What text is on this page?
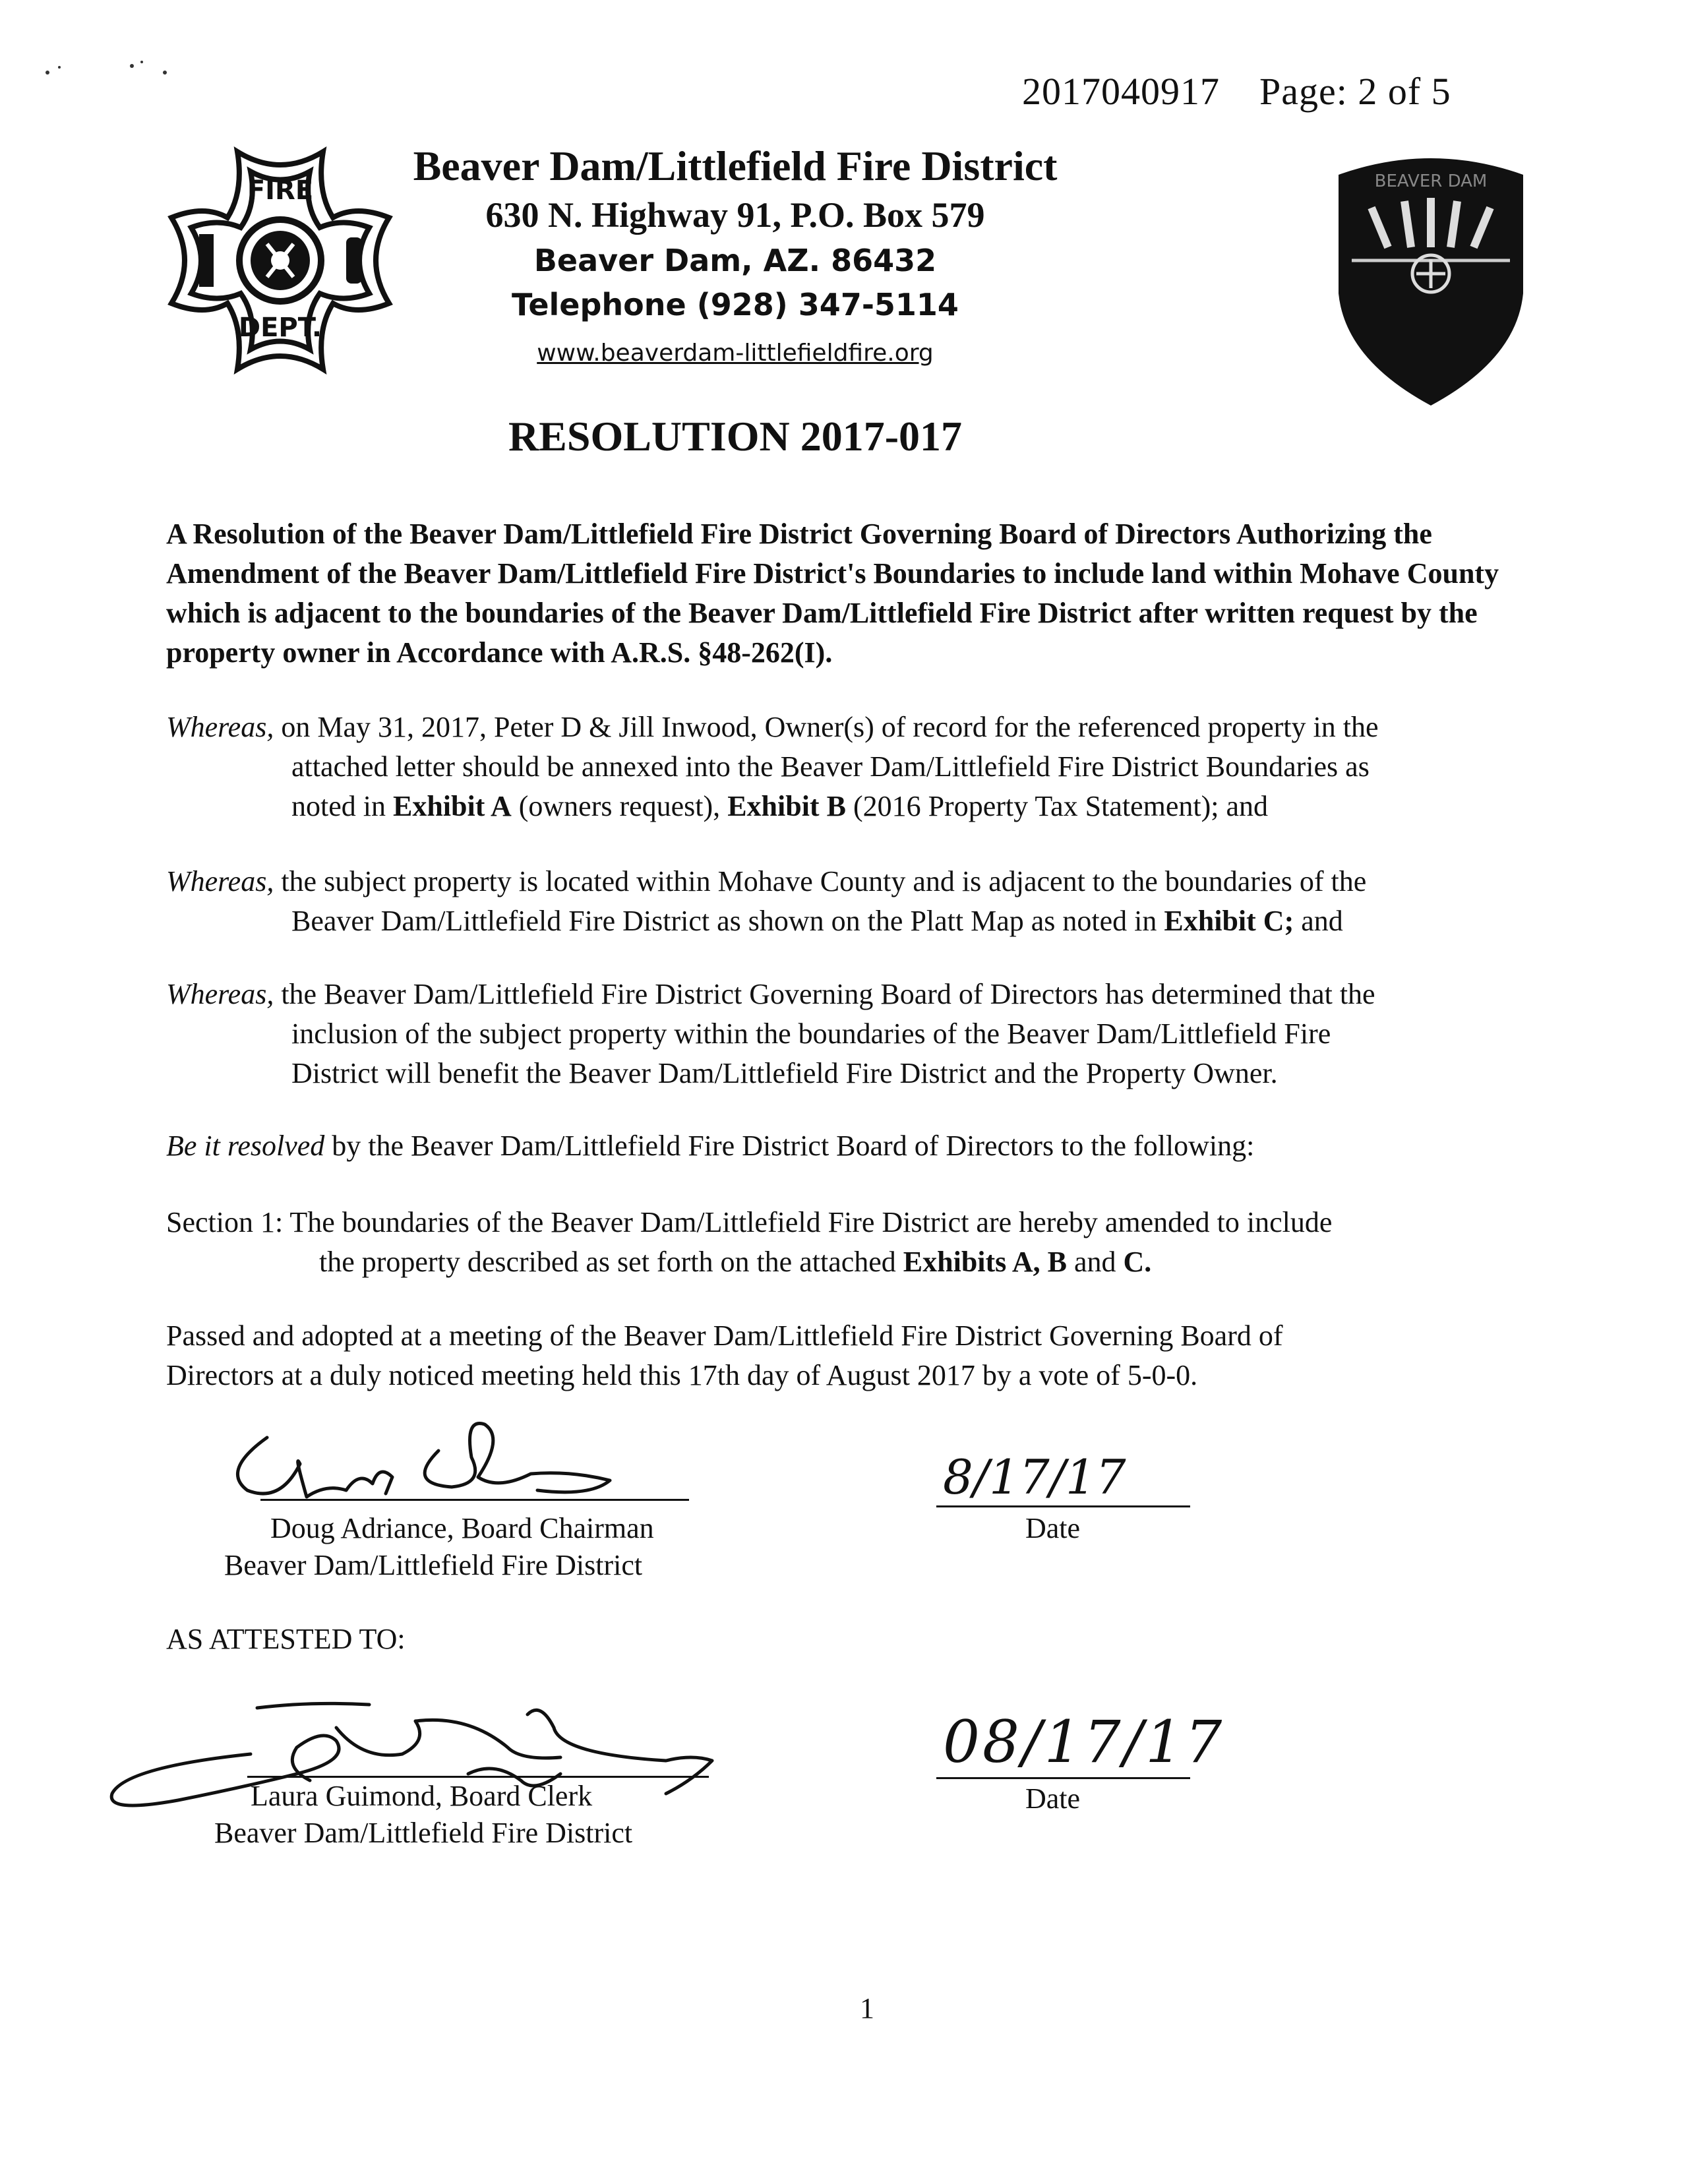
2017040917 Page: 2 of 5
FIRE
DEPT.
BEAVER DAM
Beaver Dam/Littlefield Fire District
630 N. Highway 91, P.O. Box 579
Beaver Dam, AZ. 86432
Telephone (928) 347-5114
www.beaverdam-littlefieldfire.org
RESOLUTION 2017-017
A Resolution of the Beaver Dam/Littlefield Fire District Governing Board of Directors Authorizing the Amendment of the Beaver Dam/Littlefield Fire District's Boundaries to include land within Mohave County which is adjacent to the boundaries of the Beaver Dam/Littlefield Fire District after written request by the property owner in Accordance with A.R.S. §48-262(I).
Whereas, on May 31, 2017, Peter D & Jill Inwood, Owner(s) of record for the referenced property in the
attached letter should be annexed into the Beaver Dam/Littlefield Fire District Boundaries as
noted in Exhibit A (owners request), Exhibit B (2016 Property Tax Statement); and
Whereas, the subject property is located within Mohave County and is adjacent to the boundaries of the
Beaver Dam/Littlefield Fire District as shown on the Platt Map as noted in Exhibit C; and
Whereas, the Beaver Dam/Littlefield Fire District Governing Board of Directors has determined that the
inclusion of the subject property within the boundaries of the Beaver Dam/Littlefield Fire
District will benefit the Beaver Dam/Littlefield Fire District and the Property Owner.
Be it resolved by the Beaver Dam/Littlefield Fire District Board of Directors to the following:
Section 1: The boundaries of the Beaver Dam/Littlefield Fire District are hereby amended to include
the property described as set forth on the attached Exhibits A, B and C.
Passed and adopted at a meeting of the Beaver Dam/Littlefield Fire District Governing Board of
Directors at a duly noticed meeting held this 17th day of August 2017 by a vote of 5-0-0.
Doug Adriance, Board Chairman
Beaver Dam/Littlefield Fire District
8/17/17
Date
AS ATTESTED TO:
Laura Guimond, Board Clerk
Beaver Dam/Littlefield Fire District
08/17/17
Date
1
